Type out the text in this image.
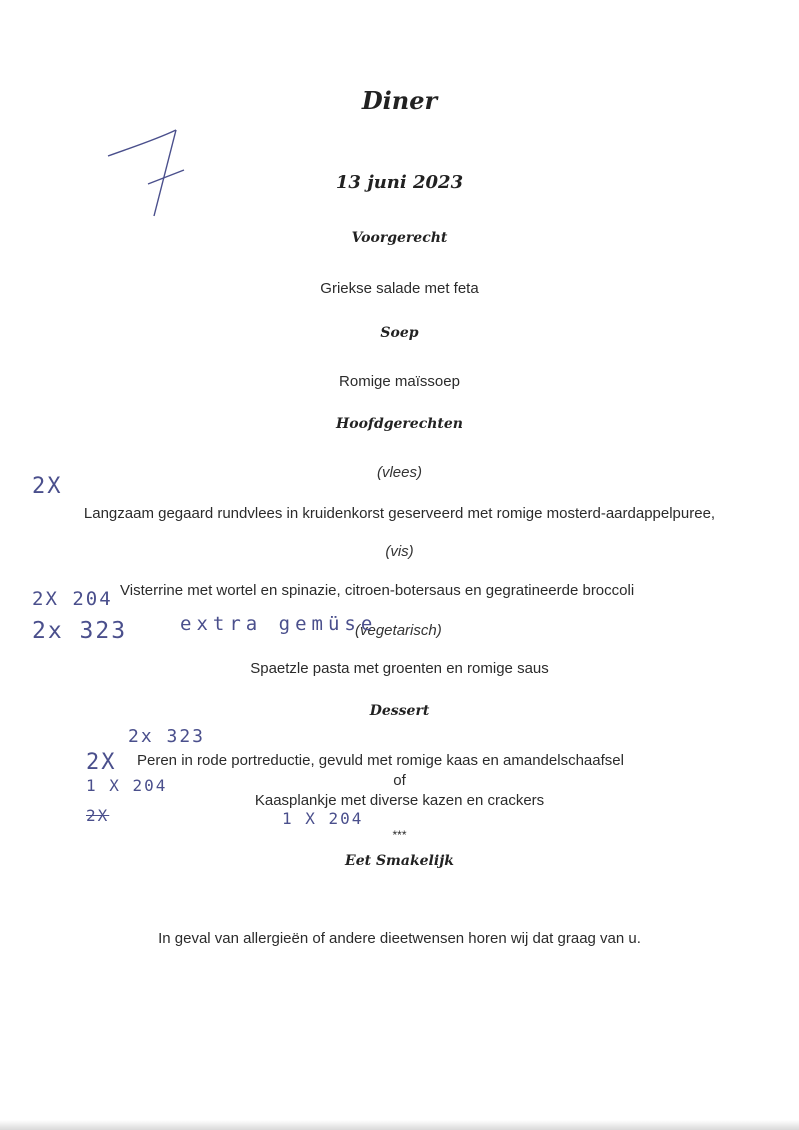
Diner
13 juni 2023
Voorgerecht
Griekse salade met feta
Soep
Romige maïssoep
Hoofdgerechten
(vlees)
Langzaam gegaard rundvlees in kruidenkorst geserveerd met romige mosterd-aardappelpuree,
(vis)
Visterrine met wortel en spinazie, citroen-botersaus en gegratineerde broccoli
(vegetarisch)
Spaetzle pasta met groenten en romige saus
Dessert
Peren in rode portreductie, gevuld met romige kaas en amandelschaafsel
of
Kaasplankje met diverse kazen en crackers
***
Eet Smakelijk
In geval van allergieën of andere dieetwensen horen wij dat graag van u.
2X
2X 204
2x 323	extra gemüse
2x 323
2X
1 X 204
2X	1 X 204
